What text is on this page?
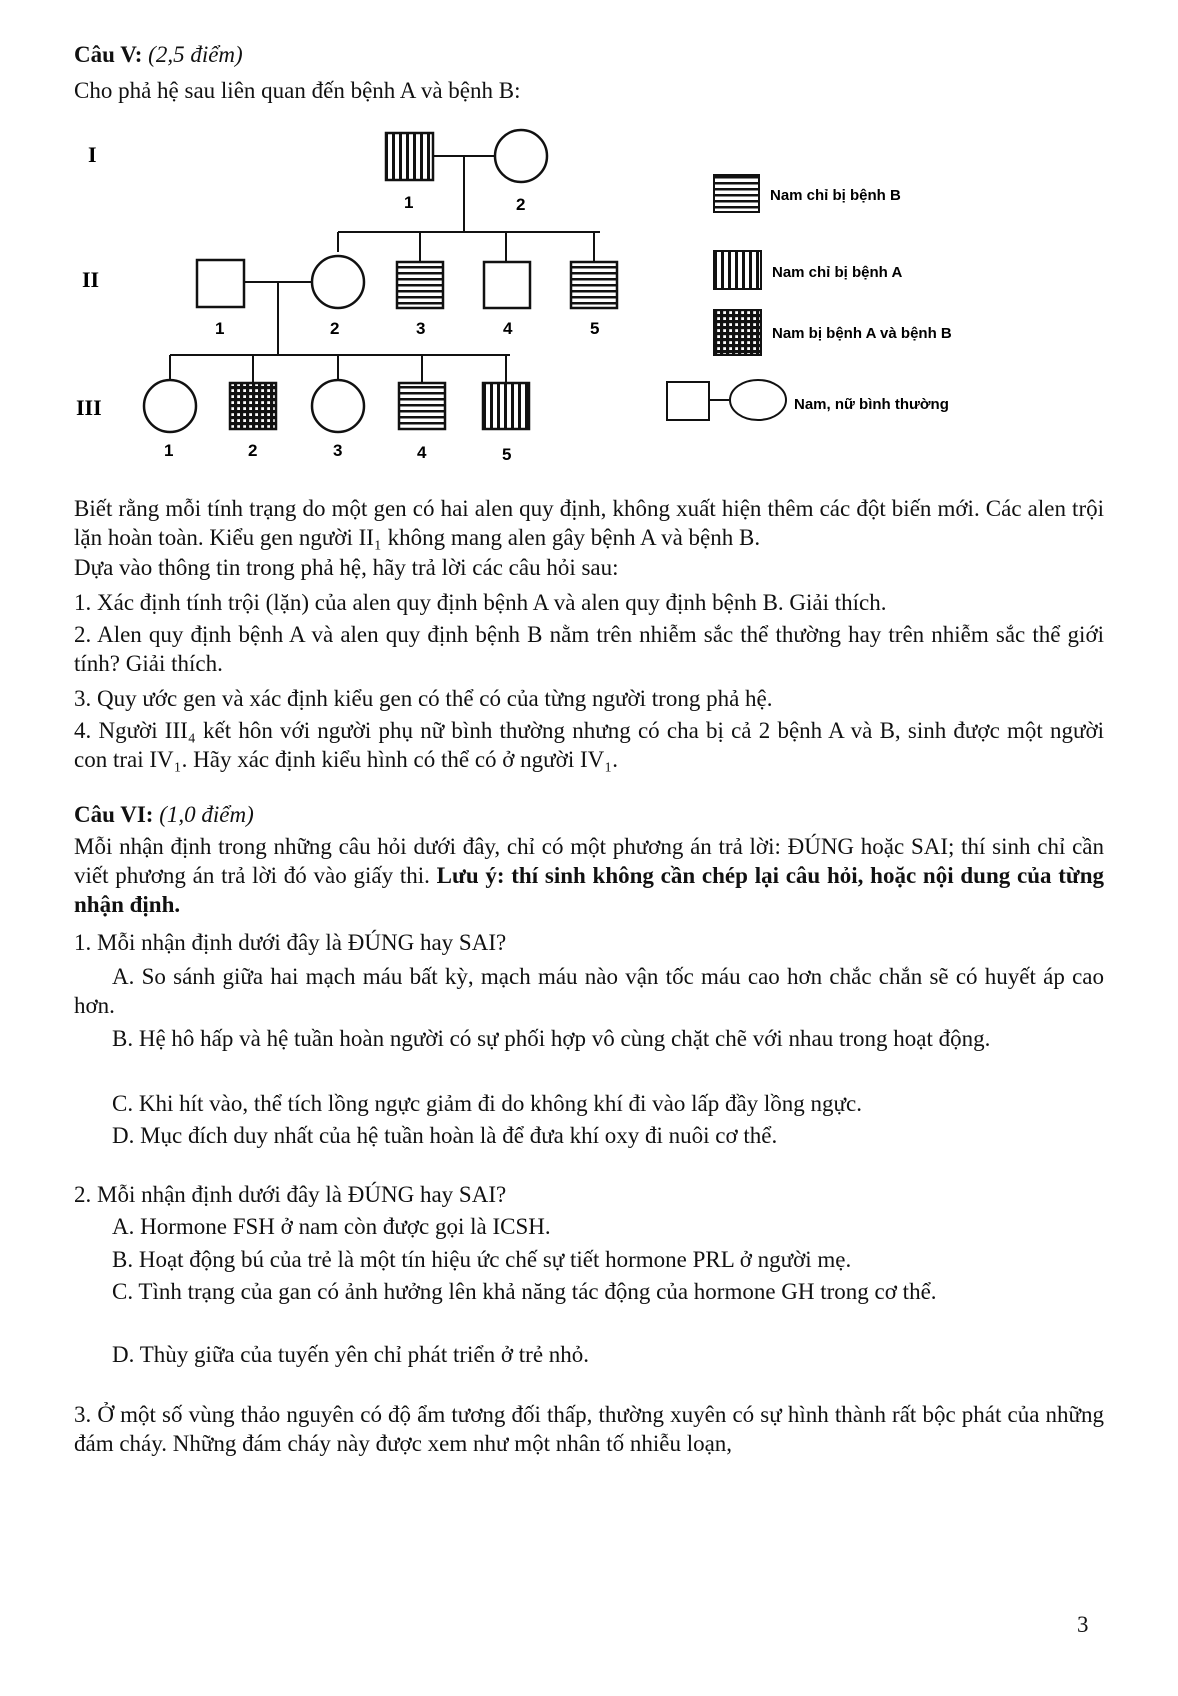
Câu V: (2,5 điểm)
Cho phả hệ sau liên quan đến bệnh A và bệnh B:
I
II
III
1	2
1	2	3	4	5
1	2	3	4	5
Nam chỉ bị bệnh B
Nam chỉ bị bệnh A
Nam bị bệnh A và bệnh B
Nam, nữ bình thường
Biết rằng mỗi tính trạng do một gen có hai alen quy định, không xuất hiện thêm các đột biến mới. Các alen trội lặn hoàn toàn. Kiểu gen người II₁ không mang alen gây bệnh A và bệnh B.
Dựa vào thông tin trong phả hệ, hãy trả lời các câu hỏi sau:
1. Xác định tính trội (lặn) của alen quy định bệnh A và alen quy định bệnh B. Giải thích.
2. Alen quy định bệnh A và alen quy định bệnh B nằm trên nhiễm sắc thể thường hay trên nhiễm sắc thể giới tính? Giải thích.
3. Quy ước gen và xác định kiểu gen có thể có của từng người trong phả hệ.
4. Người III₄ kết hôn với người phụ nữ bình thường nhưng có cha bị cả 2 bệnh A và B, sinh được một người con trai IV₁. Hãy xác định kiểu hình có thể có ở người IV₁.
Câu VI: (1,0 điểm)
Mỗi nhận định trong những câu hỏi dưới đây, chỉ có một phương án trả lời: ĐÚNG hoặc SAI; thí sinh chỉ cần viết phương án trả lời đó vào giấy thi. Lưu ý: thí sinh không cần chép lại câu hỏi, hoặc nội dung của từng nhận định.
1. Mỗi nhận định dưới đây là ĐÚNG hay SAI?
A. So sánh giữa hai mạch máu bất kỳ, mạch máu nào vận tốc máu cao hơn chắc chắn sẽ có huyết áp cao hơn.
B. Hệ hô hấp và hệ tuần hoàn người có sự phối hợp vô cùng chặt chẽ với nhau trong hoạt động.
C. Khi hít vào, thể tích lồng ngực giảm đi do không khí đi vào lấp đầy lồng ngực.
D. Mục đích duy nhất của hệ tuần hoàn là để đưa khí oxy đi nuôi cơ thể.
2. Mỗi nhận định dưới đây là ĐÚNG hay SAI?
A. Hormone FSH ở nam còn được gọi là ICSH.
B. Hoạt động bú của trẻ là một tín hiệu ức chế sự tiết hormone PRL ở người mẹ.
C. Tình trạng của gan có ảnh hưởng lên khả năng tác động của hormone GH trong cơ thể.
D. Thùy giữa của tuyến yên chỉ phát triển ở trẻ nhỏ.
3. Ở một số vùng thảo nguyên có độ ẩm tương đối thấp, thường xuyên có sự hình thành rất bộc phát của những đám cháy. Những đám cháy này được xem như một nhân tố nhiễu loạn,
3
